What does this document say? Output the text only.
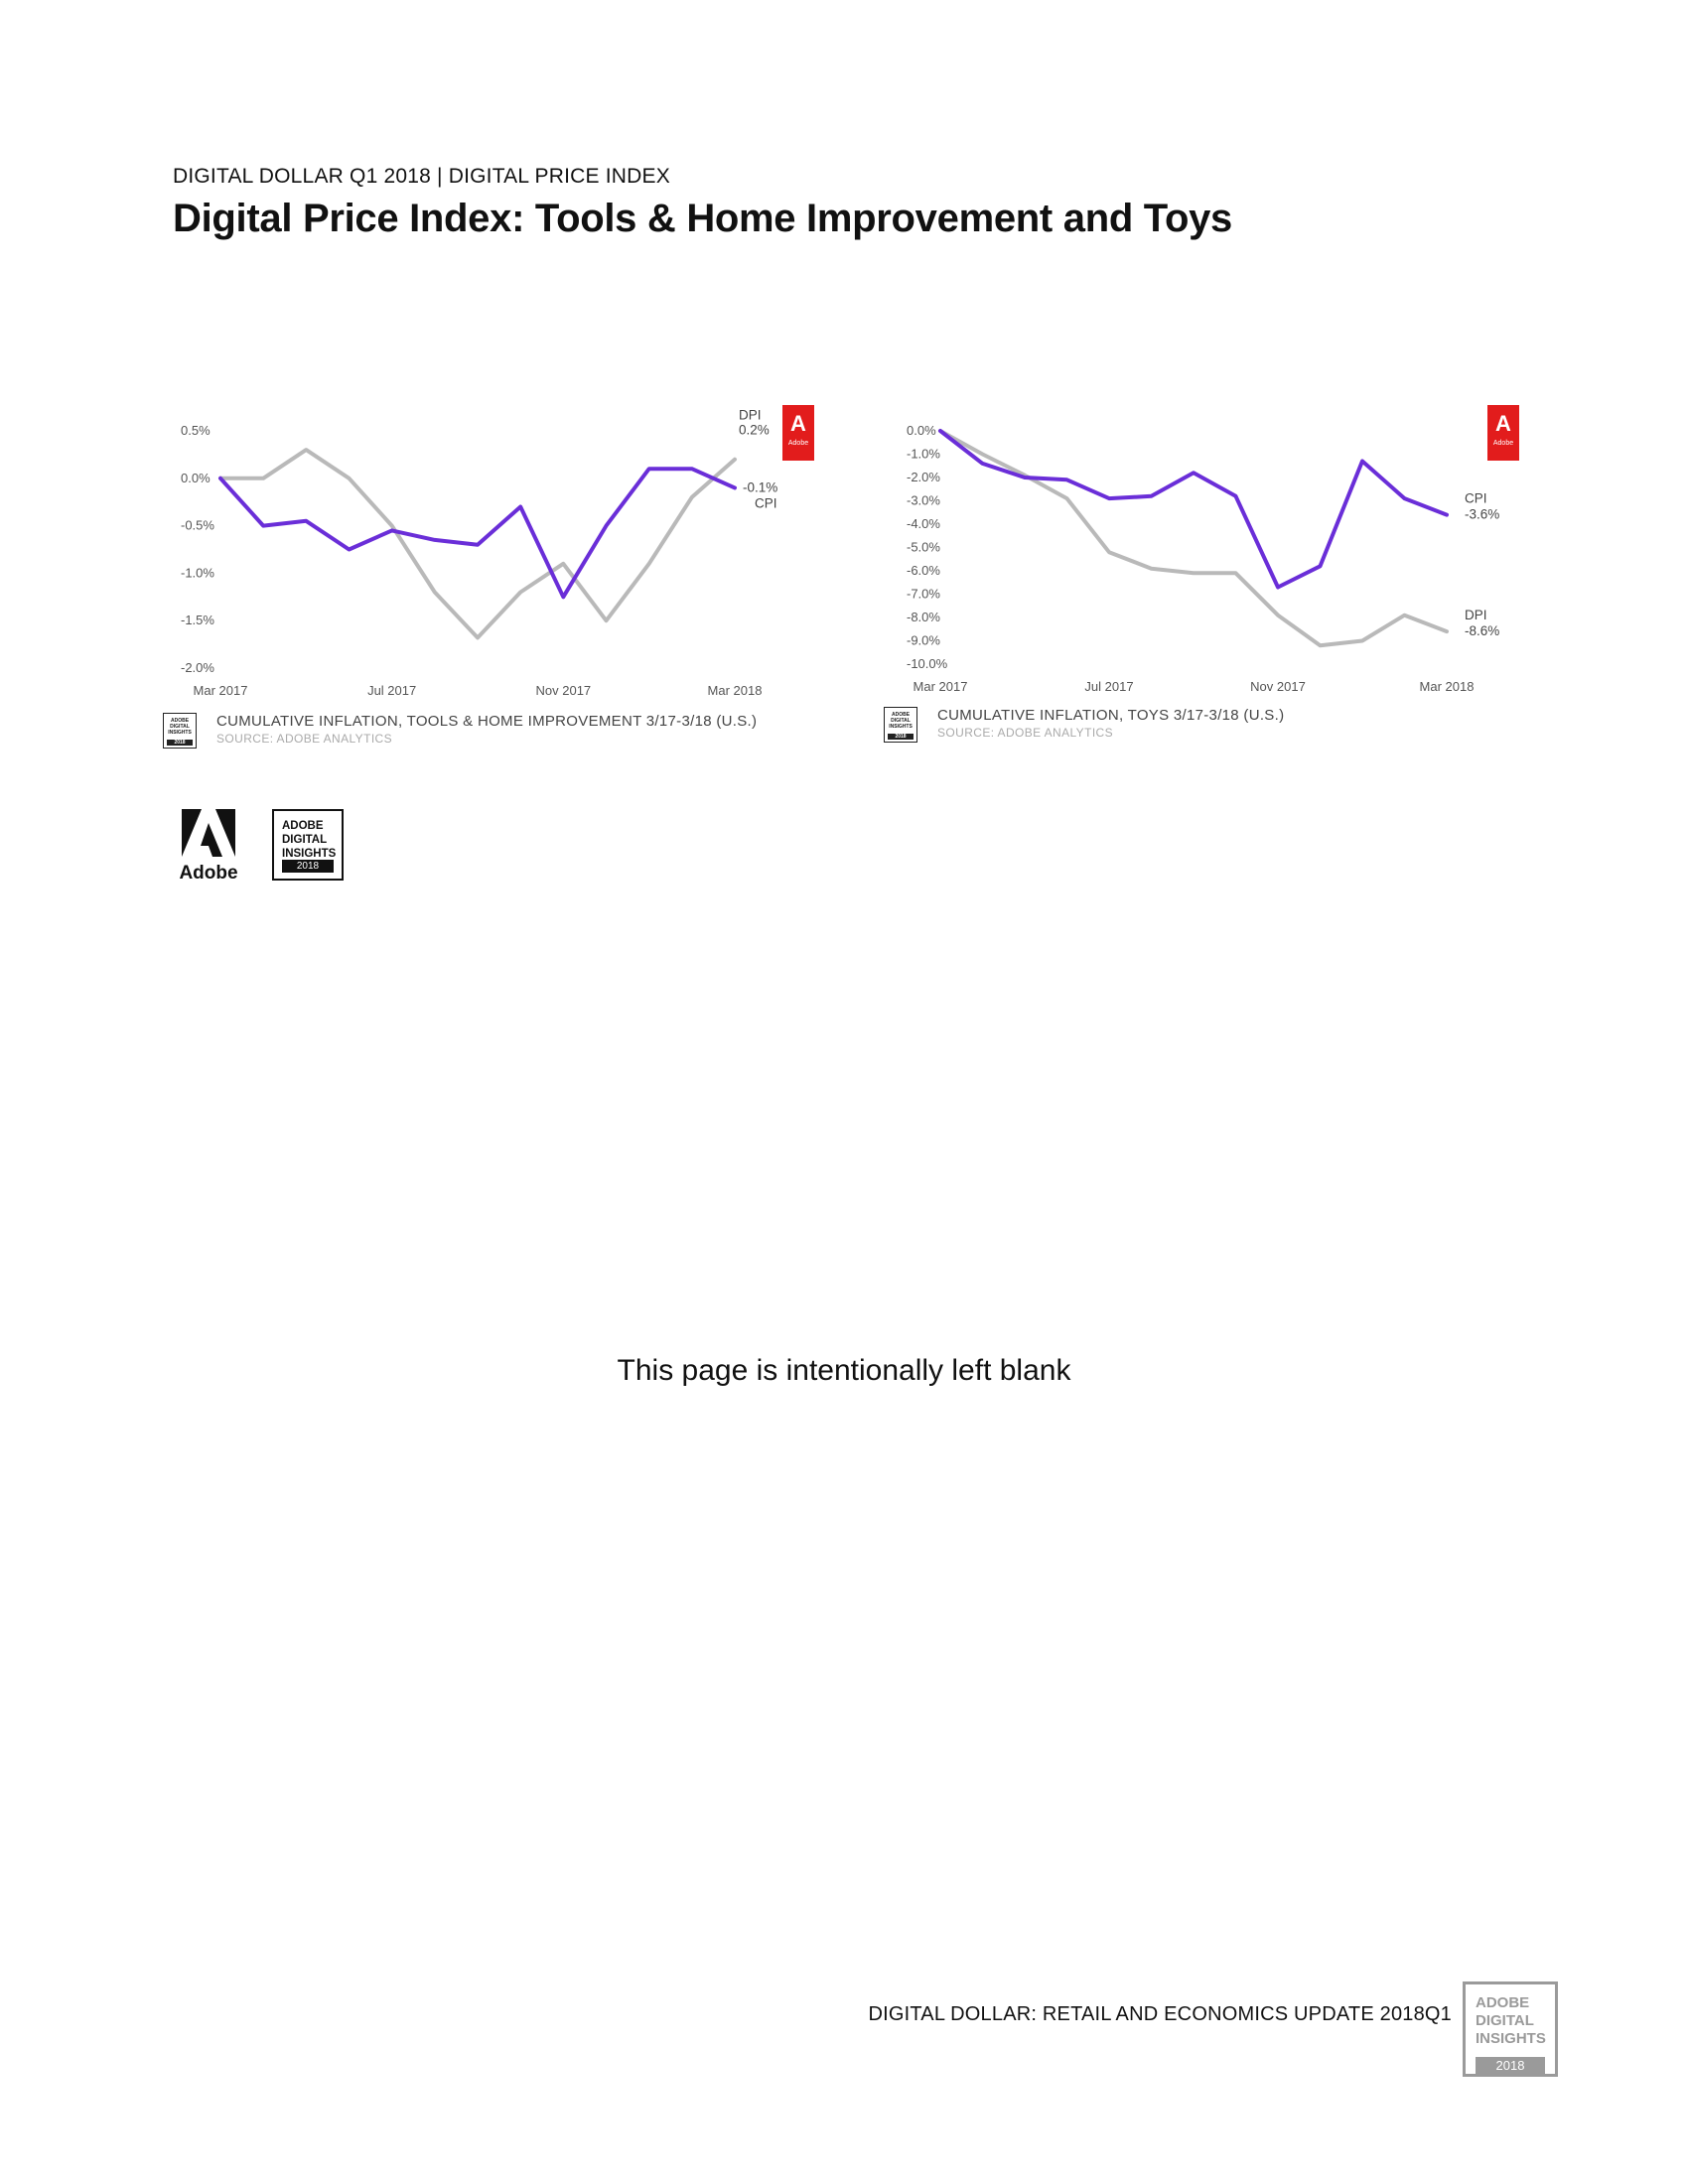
DIGITAL DOLLAR Q1 2018 | DIGITAL PRICE INDEX
Digital Price Index: Tools & Home Improvement and Toys
0.5%
0.0%
-0.5%
-1.0%
-1.5%
-2.0%
Mar 2017	Jul 2017	Nov 2017	Mar 2018
-0.1%
CPI
DPI
0.2% A
Adobe
ADOBE
DIGITAL
INSIGHTS
2018
CUMULATIVE INFLATION, TOOLS & HOME IMPROVEMENT 3/17-3/18 (U.S.)
SOURCE: ADOBE ANALYTICS
0.0%
-1.0%
-2.0%
-3.0%
-4.0%
-5.0%
-6.0%
-7.0%
-8.0%
-9.0%
-10.0%
Mar 2017	Jul 2017	Nov 2017	Mar 2018
CPI
-3.6%
DPI
-8.6%
A
Adobe
ADOBE
DIGITAL
INSIGHTS
2018
CUMULATIVE INFLATION, TOYS 3/17-3/18 (U.S.)
SOURCE: ADOBE ANALYTICS
Adobe
ADOBE
DIGITAL
INSIGHTS
2018
This page is intentionally left blank
DIGITAL DOLLAR: RETAIL AND ECONOMICS UPDATE 2018Q1
ADOBE
DIGITAL
INSIGHTS
2018
